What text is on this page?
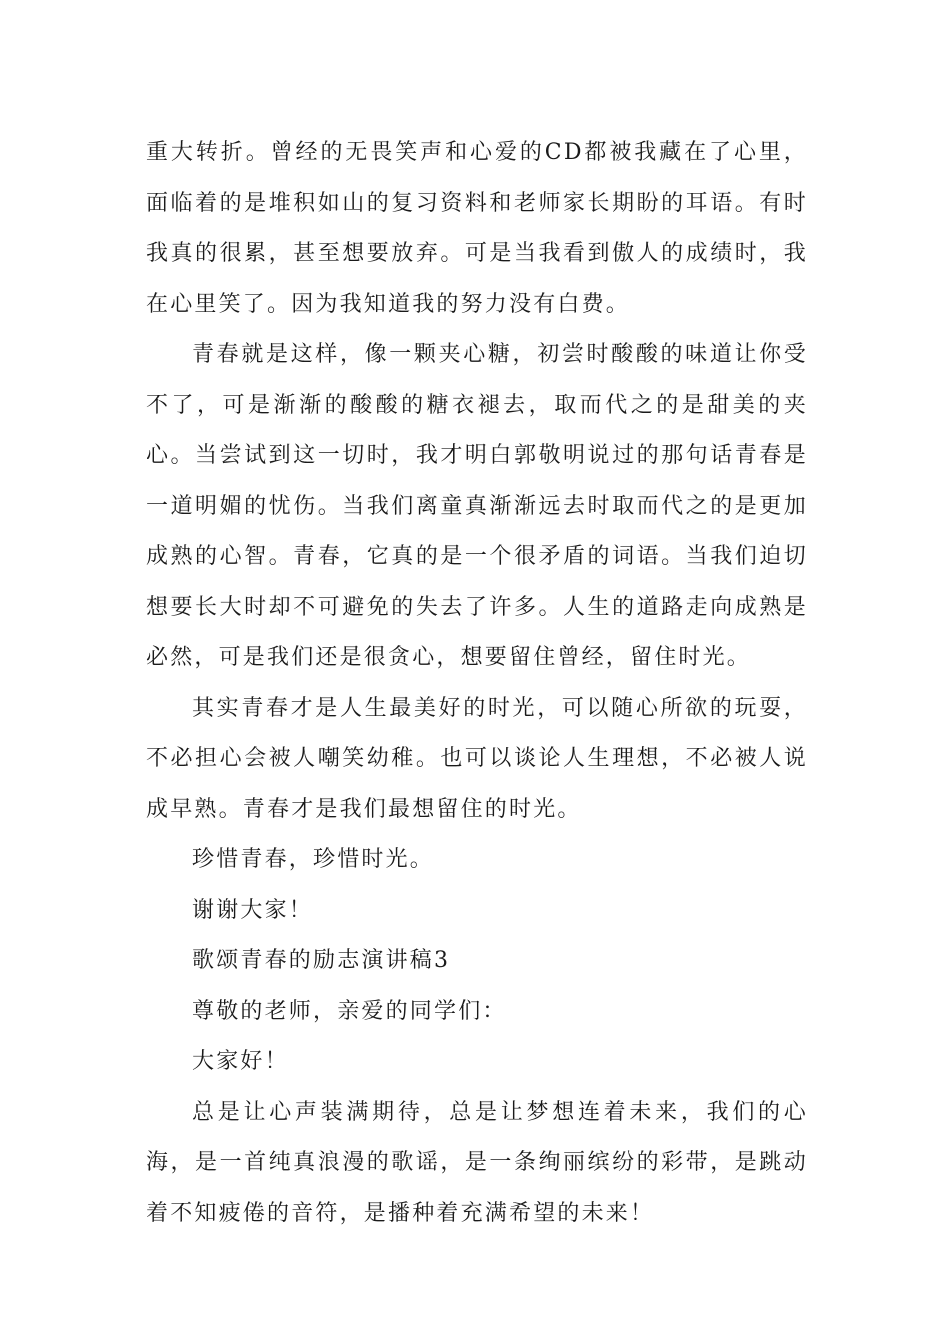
重大转折。曾经的无畏笑声和心爱的CD都被我藏在了心里，面临着的是堆积如山的复习资料和老师家长期盼的耳语。有时我真的很累，甚至想要放弃。可是当我看到傲人的成绩时，我在心里笑了。因为我知道我的努力没有白费。

青春就是这样，像一颗夹心糖，初尝时酸酸的味道让你受不了，可是渐渐的酸酸的糖衣褪去，取而代之的是甜美的夹心。当尝试到这一切时，我才明白郭敬明说过的那句话青春是一道明媚的忧伤。当我们离童真渐渐远去时取而代之的是更加成熟的心智。青春，它真的是一个很矛盾的词语。当我们迫切想要长大时却不可避免的失去了许多。人生的道路走向成熟是必然，可是我们还是很贪心，想要留住曾经，留住时光。

其实青春才是人生最美好的时光，可以随心所欲的玩耍，不必担心会被人嘲笑幼稚。也可以谈论人生理想，不必被人说成早熟。青春才是我们最想留住的时光。

珍惜青春，珍惜时光。

谢谢大家！

歌颂青春的励志演讲稿3

尊敬的老师，亲爱的同学们：

大家好！

总是让心声装满期待，总是让梦想连着未来，我们的心海，是一首纯真浪漫的歌谣，是一条绚丽缤纷的彩带，是跳动着不知疲倦的音符，是播种着充满希望的未来！
